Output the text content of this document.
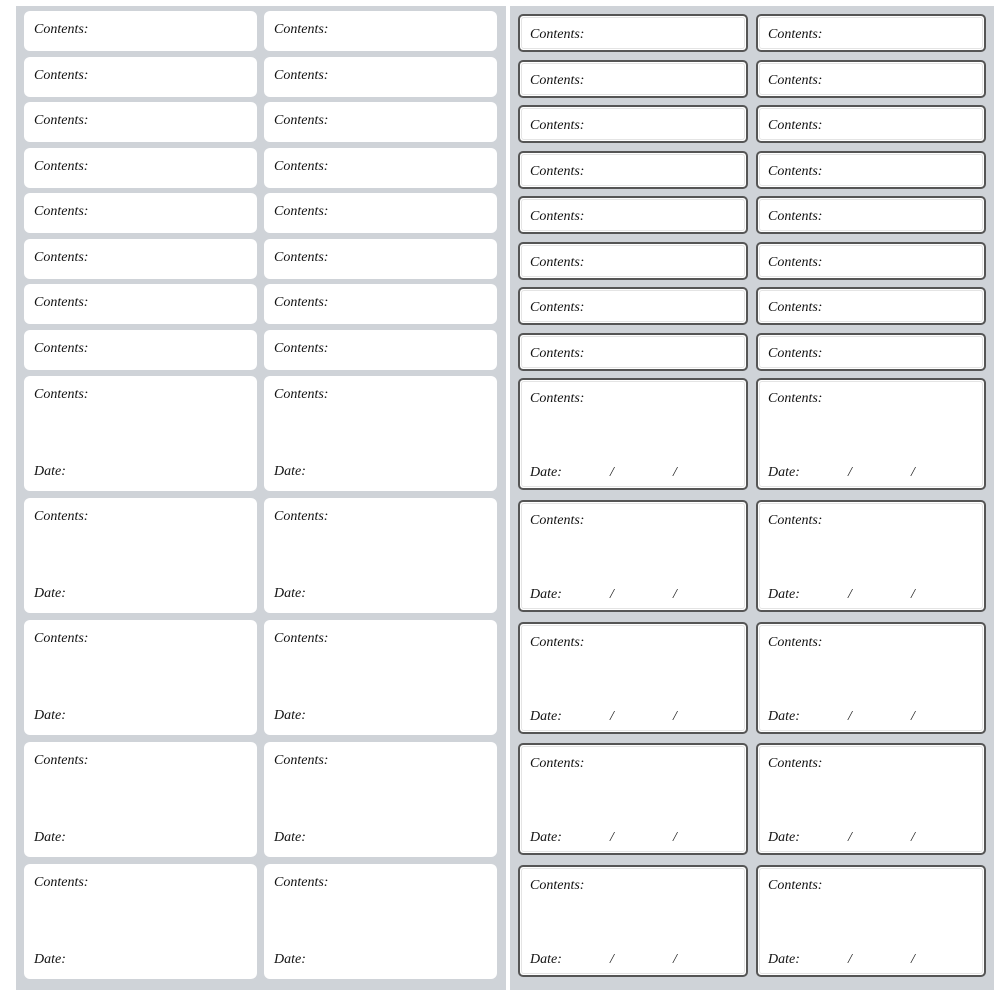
Contents:
Contents:
Contents:
Contents:
Contents:
Contents:
Contents:
Contents:
Contents:
Date:
Contents:
Date:
Contents:
Date:
Contents:
Date:
Contents:
Date:
Contents:
Contents:
Contents:
Contents:
Contents:
Contents:
Contents:
Contents:
Contents:
Date:
Contents:
Date:
Contents:
Date:
Contents:
Date:
Contents:
Date:
Contents:
Contents:
Contents:
Contents:
Contents:
Contents:
Contents:
Contents:
Contents:
Date:	/	/
Contents:
Date:	/	/
Contents:
Date:	/	/
Contents:
Date:	/	/
Contents:
Date:	/	/
Contents:
Contents:
Contents:
Contents:
Contents:
Contents:
Contents:
Contents:
Contents:
Date:	/	/
Contents:
Date:	/	/
Contents:
Date:	/	/
Contents:
Date:	/	/
Contents:
Date:	/	/
